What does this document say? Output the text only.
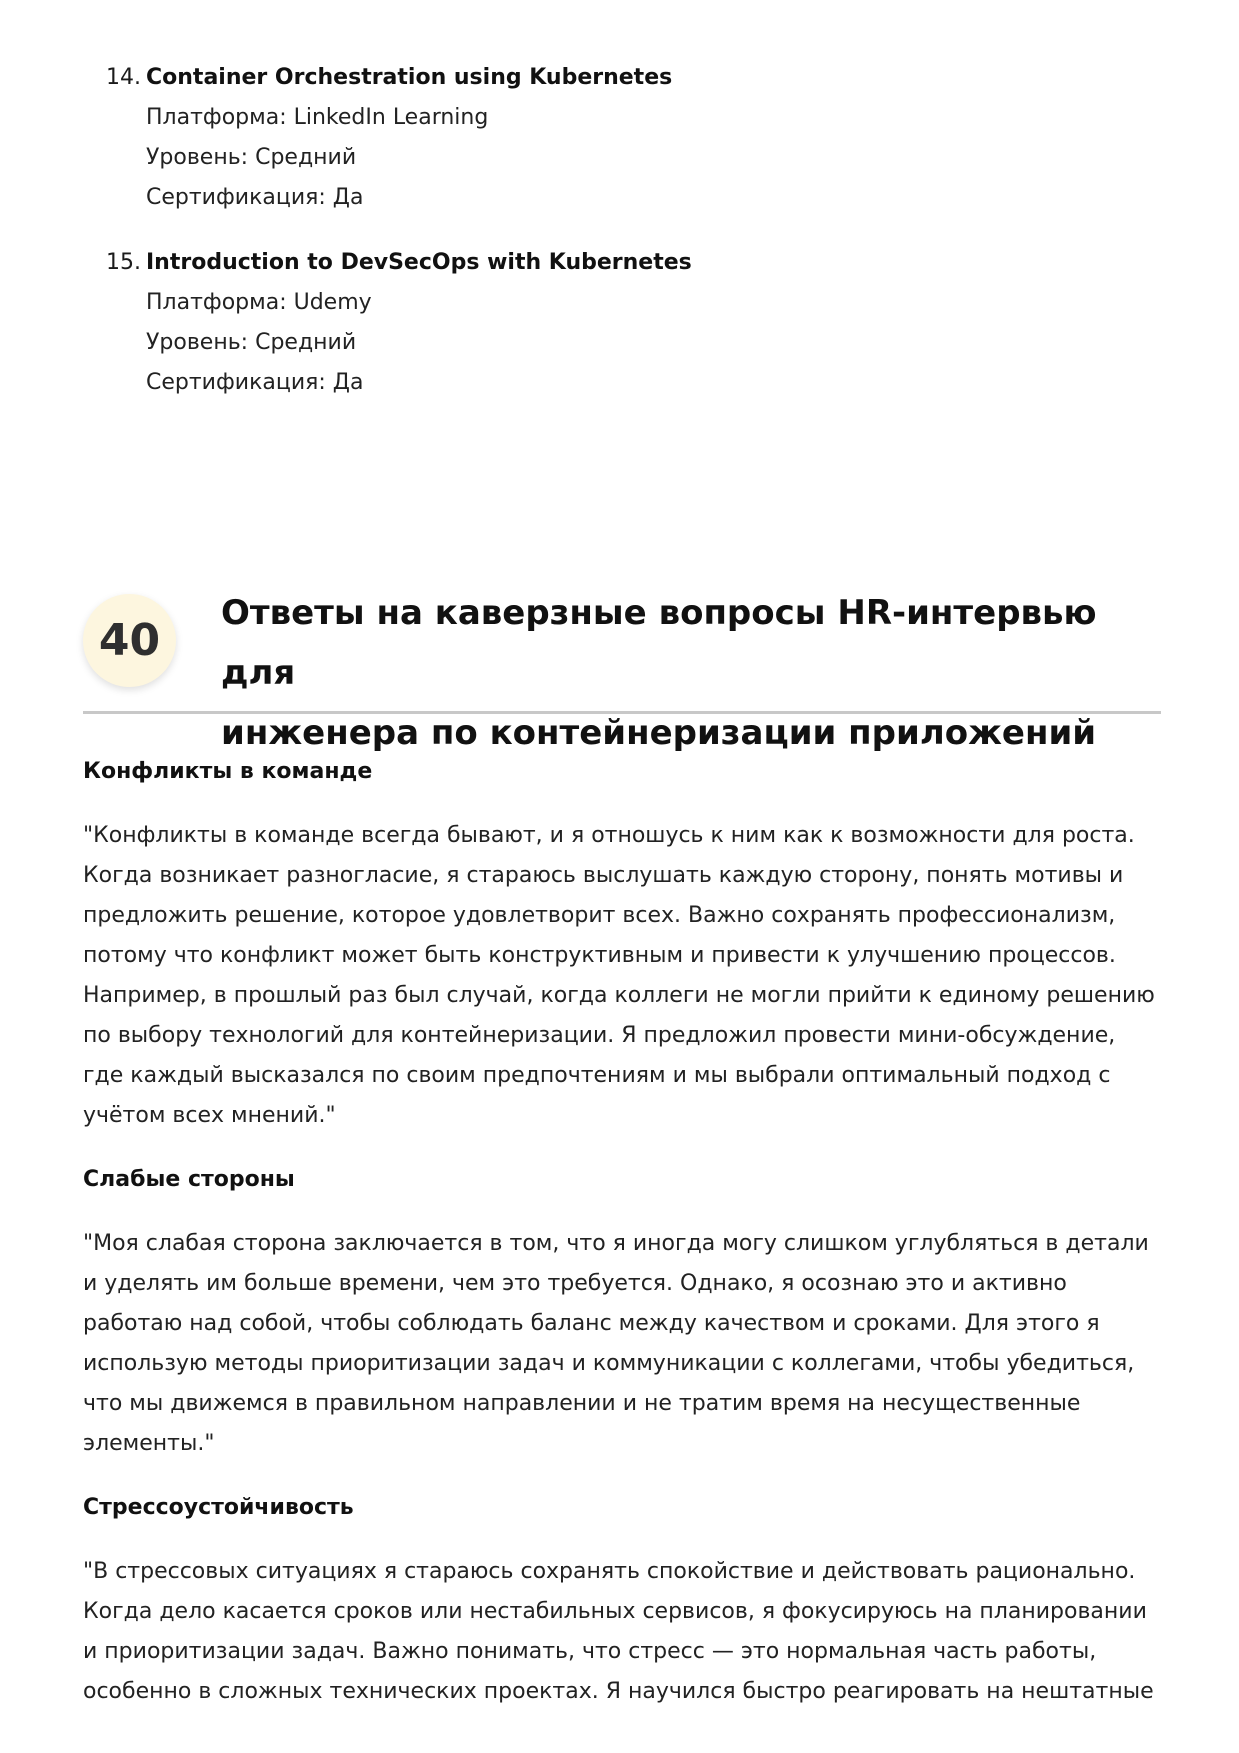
14. Container Orchestration using Kubernetes
Платформа: LinkedIn Learning
Уровень: Средний
Сертификация: Да
15. Introduction to DevSecOps with Kubernetes
Платформа: Udemy
Уровень: Средний
Сертификация: Да
40
Ответы на каверзные вопросы HR-интервью для
инженера по контейнеризации приложений
Конфликты в команде

"Конфликты в команде всегда бывают, и я отношусь к ним как к возможности для роста. Когда возникает разногласие, я стараюсь выслушать каждую сторону, понять мотивы и предложить решение, которое удовлетворит всех. Важно сохранять профессионализм, потому что конфликт может быть конструктивным и привести к улучшению процессов. Например, в прошлый раз был случай, когда коллеги не могли прийти к единому решению по выбору технологий для контейнеризации. Я предложил провести мини-обсуждение, где каждый высказался по своим предпочтениям и мы выбрали оптимальный подход с учётом всех мнений."

Слабые стороны

"Моя слабая сторона заключается в том, что я иногда могу слишком углубляться в детали и уделять им больше времени, чем это требуется. Однако, я осознаю это и активно работаю над собой, чтобы соблюдать баланс между качеством и сроками. Для этого я использую методы приоритизации задач и коммуникации с коллегами, чтобы убедиться, что мы движемся в правильном направлении и не тратим время на несущественные элементы."

Стрессоустойчивость

"В стрессовых ситуациях я стараюсь сохранять спокойствие и действовать рационально. Когда дело касается сроков или нестабильных сервисов, я фокусируюсь на планировании и приоритизации задач. Важно понимать, что стресс — это нормальная часть работы, особенно в сложных технических проектах. Я научился быстро реагировать на нештатные
